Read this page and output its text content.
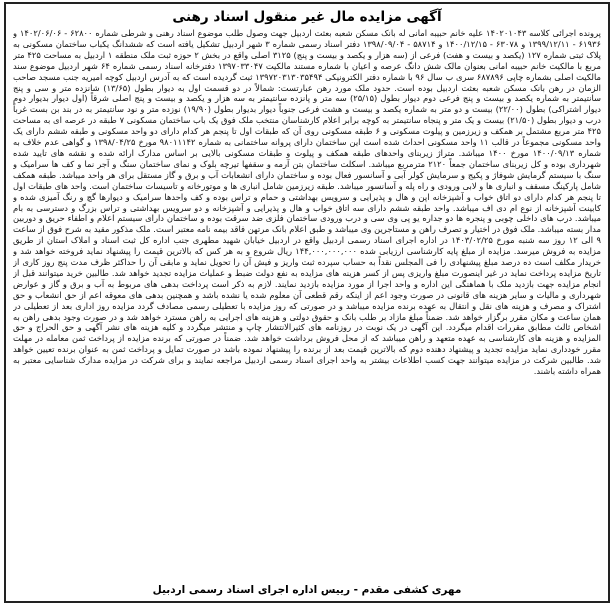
آگهی مزایده مال غیر منقول اسناد رهنی

پرونده اجرائی کلاسه ۱۴۰۲۰۱۰۴۳ علیه خانم حبیبه امانی له بانک مسکن شعبه بعثت اردبیل جهت وصول طلب موضوع اسناد رهنی و شرطی شماره ۶۲۸۰۰ - ۱۴۰۲/۰۶/۰۶ و ۶۱۹۳۶ - ۱۳۹۹/۱۲/۱۱ و ۶۳۰۷۸ - ۱۴۰۰/۱۲/۱۵ و ۵۸۷۱۴ - ۱۳۹۸/۰۹/۰۴ دفتر اسناد رسمی شماره ۳ شهر اردبیل تشکیل یافته است که ششدانگ یکباب ساختمان مسکونی به پلاک ثبتی شماره ۱۲۷ (یکصد و بیست و هفت) فرعی از (سه هزار و یکصد و بیست و پنج) ۳۱۲۵ اصلی واقع در بخش ۲ حوزه ثبت ملک منطقه ۱ اردبیل به مساحت ۴۲۵ متر مربع با مالکیت خانم حبیبه امانی بعنوان مالک شش دانگ عرصه و اعیان با شماره مستند مالکیت ۱۳۹۷۰۳۳۰۴۷ دفترخانه اسناد رسمی شماره ۶۴ شهر اردبیل موضوع سند مالکیت اصلی بشماره چاپی ۶۸۷۸۹۶ سری ب سال ۹۶ با شماره دفتر الکترونیکی ۱۳۹۷۲۰۳۱۳۰۳۵۴۹۴ ثبت گردیده است که به آدرس اردبیل کوچه امیریه جنب مسجد صاحب الزمان در رهن بانک مسکن شعبه بعثت اردبیل بوده است. حدود ملک مورد رهن عبارتست: شمالاً در دو قسمت اول به دیوار بطول (۱۳/۶۵) شانزده متر و سی و پنج سانتیمتر به شماره یکصد و بیست و پنج فرعی دوم دیوار بطول (۲۵/۱۵) سه متر و پانزده سانتیمتر به سه هزار و یکصد و بیست و پنج اصلی شرقاً (اول دیوار بدیوار دوم دیوار اشتراکی) بطول (۲۲/۰۰) بیست و دو متر به شماره یکصد و بیست و هشت فرعی جنوباً دیوار بدیوار بطول (۱۹/۹۰) نوزده متر و نود سانتیمتر به در بند بن بست غرباً درب و دیوار بطول (۲۱/۵۰) بیست و یک متر و پنجاه سانتیمتر به کوچه برابر اعلام کارشناسان منتخب ملک فوق یک باب ساختمان مسکونی ۷ طبقه در عرصه ای به مساحت ۴۲۵ متر مربع مشتمل بر همکف و زیرزمین و پیلوت مسکونی و ۶ طبقه مسکونی روی آن که طبقات اول تا پنجم هر کدام دارای دو واحد مسکونی و طبقه ششم دارای یک واحد مسکونی مجموعاً در قالب ۱۱ واحد مسکونی احداث شده است این ساختمان دارای پروانه ساختمانی به شماره ۹۸۰۱۱۱۴۲ مورخ ۱۳۹۸/۰۴/۲۵ و گواهی عدم خلاف به شماره ۱۴۰۰/۰۹/۱۳ مورخ ۱۴۰۰ میباشد. متراژ زیربنای واحدهای طبقه همکف و پیلوت و طبقات مسکونی بالایی بر اساس مدارک ارائه شده و نقشه های تایید شده شهرداری بوده و کل زیربنای ساختمان جمعاً ۲۱۲۰ مترمربع میباشد. اسکلت ساختمان بتن آرمه و سقفها تیرچه بلوک و نمای ساختمان سنگ و آجر نما و کف ها سرامیک و سنگ با سیستم گرمایش شوفاژ و پکیج و سرمایش کولر آبی و آسانسور فعال بوده و ساختمان دارای انشعابات آب و برق و گاز مستقل برای هر واحد میباشد. طبقه همکف شامل پارکینگ مسقف و انباری ها و لابی ورودی و راه پله و آسانسور میباشد. طبقه زیرزمین شامل انباری ها و موتورخانه و تاسیسات ساختمان است. واحد های طبقات اول تا پنجم هر کدام دارای دو اتاق خواب و آشپزخانه اپن و هال و پذیرایی و سرویس بهداشتی و حمام و تراس بوده و کف واحدها سرامیک و دیوارها گچ و رنگ آمیزی شده و کابینت آشپزخانه از نوع ام دی اف میباشد. واحد طبقه ششم دارای سه اتاق خواب و هال و پذیرایی و آشپزخانه و دو سرویس بهداشتی و تراس بزرگ و دسترسی به بام میباشد. درب های داخلی چوبی و پنجره ها دو جداره یو پی وی سی و درب ورودی ساختمان فلزی ضد سرقت بوده و ساختمان دارای سیستم اعلام و اطفاء حریق و دوربین مدار بسته میباشد. ملک فوق در اختیار و تصرف راهن و مستاجرین وی میباشد و طبق اعلام بانک مرتهن فاقد بیمه نامه معتبر است. ملک مذکور مقید به شرح فوق از ساعت ۹ الی ۱۲ روز سه شنبه مورخ ۱۴۰۳/۰۲/۲۵ در اداره اجرای اسناد رسمی اردبیل واقع در اردبیل خیابان شهید مطهری جنب اداره کل ثبت اسناد و املاک استان از طریق مزایده به فروش میرسد. مزایده از مبلغ پایه کارشناسی ارزیابی شده ۱۴۴,۰۰۰,۰۰۰,۰۰۰ ریال شروع و به هر کس که بالاترین قیمت را پیشنهاد نماید فروخته خواهد شد و خریدار مکلف است ده درصد مبلغ پیشنهادی را فی المجلس نقداً به حساب سپرده ثبت واریز و فیش آن را تحویل نماید و مابقی آن را حداکثر ظرف مدت پنج روز کاری از تاریخ مزایده پرداخت نماید در غیر اینصورت مبلغ واریزی پس از کسر هزینه های مزایده به نفع دولت ضبط و عملیات مزایده تجدید خواهد شد. طالبین خرید میتوانند قبل از انجام مزایده جهت بازدید ملک با هماهنگی این اداره و واحد اجرا از مورد مزایده بازدید نمایند. لازم به ذکر است پرداخت بدهی های مربوط به آب و برق و گاز و عوارض شهرداری و مالیات و سایر هزینه های قانونی در صورت وجود اعم از اینکه رقم قطعی آن معلوم شده یا نشده باشد و همچنین بدهی های معوقه اعم از حق انشعاب و حق اشتراک و مصرف و هزینه های نقل و انتقال به عهده برنده مزایده میباشد و در صورتی که روز مزایده با تعطیلی رسمی مصادف گردد مزایده روز اداری بعد از تعطیلی در همان ساعت و مکان مقرر برگزار خواهد شد. ضمناً مبلغ مازاد بر طلب بانک و حقوق دولتی و هزینه های اجرایی به راهن مسترد خواهد شد و در صورت وجود بدهی راهن به اشخاص ثالث مطابق مقررات اقدام میگردد. این آگهی در یک نوبت در روزنامه های کثیرالانتشار چاپ و منتشر میگردد و کلیه هزینه های نشر آگهی و حق الحراج و حق المزایده و هزینه های کارشناسی به عهده متعهد و راهن میباشد که از محل فروش برداشت خواهد شد. ضمناً در صورتی که برنده مزایده از پرداخت ثمن معامله در مهلت مقرر خودداری نماید مزایده تجدید و پیشنهاد دهنده دوم که بالاترین قیمت بعد از برنده را پیشنهاد نموده باشد در صورت تمایل و پرداخت ثمن به عنوان برنده تعیین خواهد شد. طالبین شرکت در مزایده میتوانند جهت کسب اطلاعات بیشتر به واحد اجرای اسناد رسمی اردبیل مراجعه نمایند و برای شرکت در مزایده مدارک شناسایی معتبر به همراه داشته باشند.

مهری کشفی مقدم - رییس اداره اجرای اسناد رسمی اردبیل
